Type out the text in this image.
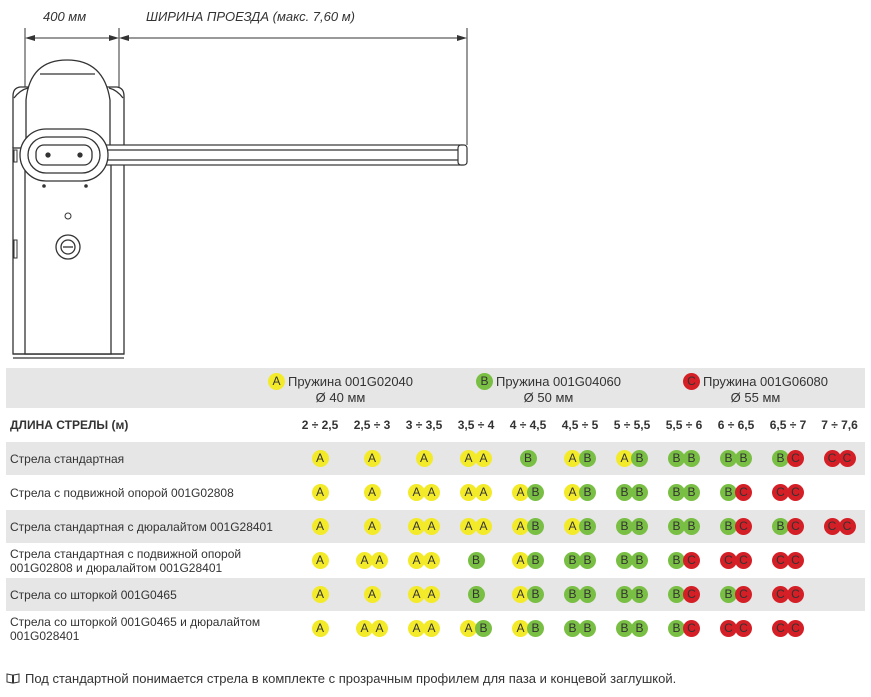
400 мм	ШИРИНА ПРОЕЗДА (макс. 7,60 м)
A Пружина 001G02040
Ø 40 мм
B Пружина 001G04060
Ø 50 мм
C Пружина 001G06080
Ø 55 мм
ДЛИНА СТРЕЛЫ (м)	2 ÷ 2,5	2,5 ÷ 3	3 ÷ 3,5	3,5 ÷ 4	4 ÷ 4,5	4,5 ÷ 5	5 ÷ 5,5	5,5 ÷ 6	6 ÷ 6,5	6,5 ÷ 7	7 ÷ 7,6
Стрела стандартная	A	A	A	A A	B	A B	A B	B B	B B	B C	C C

Стрела с подвижной опорой 001G02808	A	A	A A	A A	A B	A B	B B	B B	B C	C C	

Стрела стандартная с дюралайтом 001G28401	A	A	A A	A A	A B	A B	B B	B B	B C	B C	C C

Стрела стандартная с подвижной опорой 001G02808 и дюралайтом 001G28401	A	A A	A A	B	A B	B B	B B	B C	C C	C C	

Стрела со шторкой 001G0465	A	A	A A	B	A B	B B	B B	B C	B C	C C	

Стрела со шторкой 001G0465 и дюралайтом 001G028401	A	A A	A A	A B	A B	B B	B B	B C	C C	C C	

Под стандартной понимается стрела в комплекте с прозрачным профилем для паза и концевой заглушкой.
